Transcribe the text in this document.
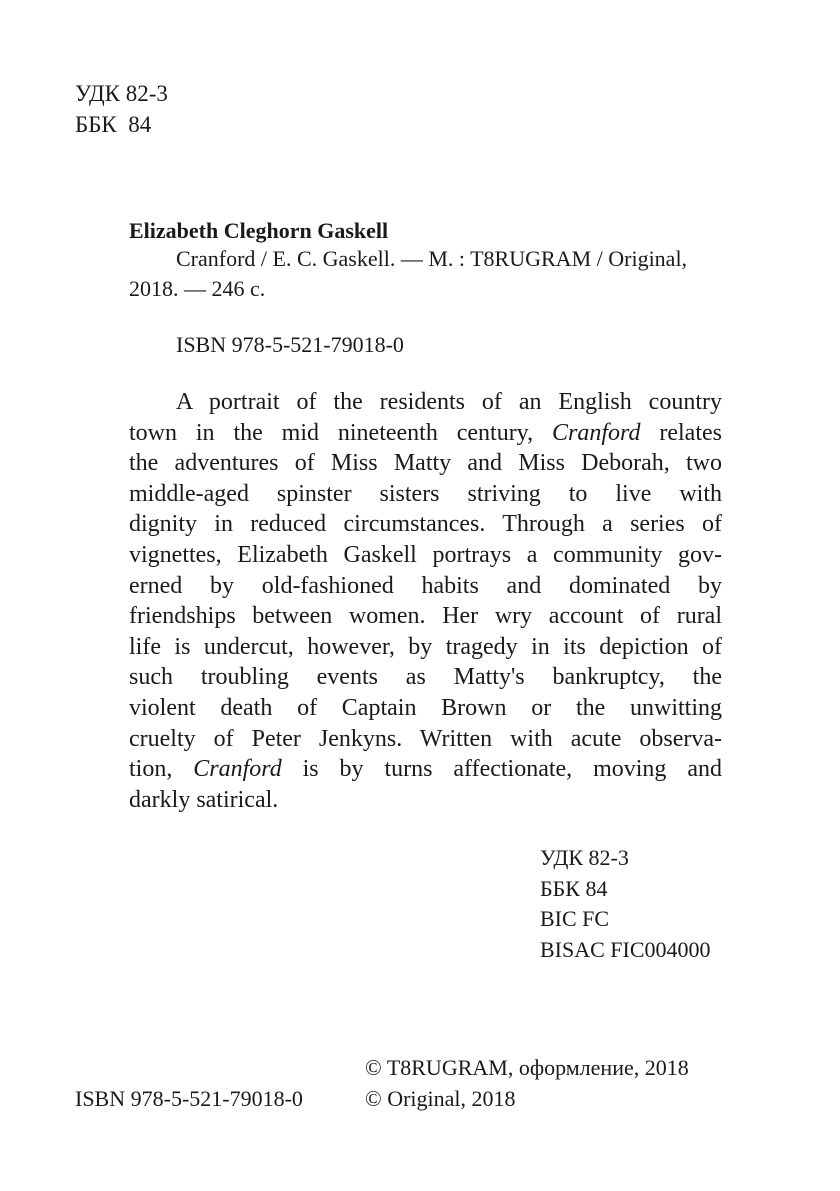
УДК 82-3
ББК  84
Elizabeth Cleghorn Gaskell
Cranford / E. C. Gaskell. — M. : T8RUGRAM / Original,
2018. — 246 с.
ISBN 978-5-521-79018-0
A portrait of the residents of an English country
town in the mid nineteenth century, Cranford relates
the adventures of Miss Matty and Miss Deborah, two
middle-aged spinster sisters striving to live with
dignity in reduced circumstances. Through a series of
vignettes, Elizabeth Gaskell portrays a community gov-
erned by old-fashioned habits and dominated by
friendships between women. Her wry account of rural
life is undercut, however, by tragedy in its depiction of
such troubling events as Matty's bankruptcy, the
violent death of Captain Brown or the unwitting
cruelty of Peter Jenkyns. Written with acute observa-
tion, Cranford is by turns affectionate, moving and
darkly satirical.
УДК 82-3
ББК 84
BIC FC
BISAC FIC004000
ISBN 978-5-521-79018-0
© T8RUGRAM, оформление, 2018
© Original, 2018
